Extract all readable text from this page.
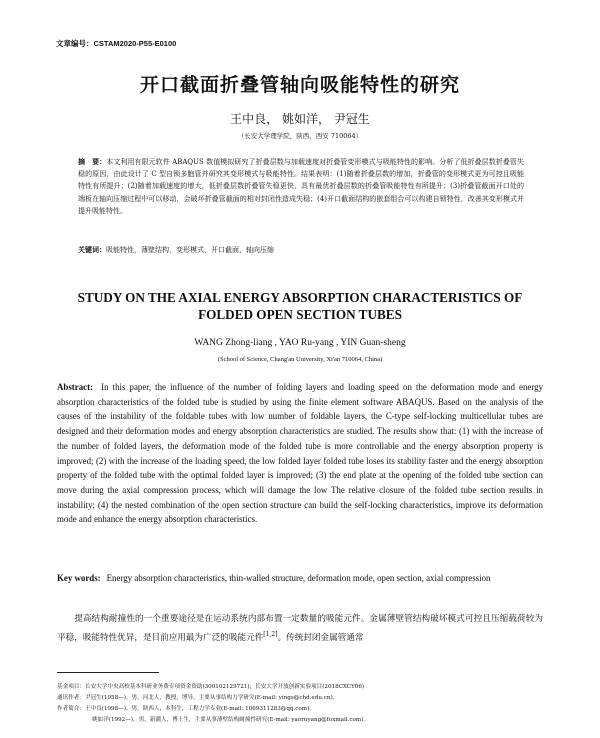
文章编号：CSTAM2020-P55-E0100
开口截面折叠管轴向吸能特性的研究
王中良， 姚如洋， 尹冠生
（长安大学理学院，陕西，西安 710064）
摘　要：本文利用有限元软件 ABAQUS 数值模拟研究了折叠层数与加载速度对折叠管变形模式与吸能特性的影响。分析了低折叠层数折叠管失稳的原因，由此设计了 C 型自锁多胞管并研究其变形模式与吸能特性。结果表明：(1)随着折叠层数的增加，折叠管的变形模式更为可控且吸能特性有所提升；(2)随着加载速度的增大，低折叠层数折叠管失稳更快，具有最优折叠层数的折叠管吸能特性有所提升；(3)折叠管截面开口处的端板在轴向压缩过程中可以移动，会破坏折叠管截面的相对封闭性造成失稳；(4)开口截面结构的嵌套组合可以构建自锁特性，改善其变形模式并提升吸能特性。
关键词：吸能特性，薄壁结构，变形模式，开口截面，轴向压缩
STUDY ON THE AXIAL ENERGY ABSORPTION CHARACTERISTICS OF
FOLDED OPEN SECTION TUBES
WANG Zhong-liang , YAO Ru-yang , YIN Guan-sheng
(School of Science, Chang'an University, Xi'an 710064, China)
Abstract: In this paper, the influence of the number of folding layers and loading speed on the deformation mode and energy absorption characteristics of the folded tube is studied by using the finite element software ABAQUS. Based on the analysis of the causes of the instability of the foldable tubes with low number of foldable layers, the C-type self-locking multicellular tubes are designed and their deformation modes and energy absorption characteristics are studied. The results show that: (1) with the increase of the number of folded layers, the deformation mode of the folded tube is more controllable and the energy absorption property is improved; (2) with the increase of the loading speed, the low folded layer folded tube loses its stability faster and the energy absorption property of the folded tube with the optimal folded layer is improved; (3) the end plate at the opening of the folded tube section can move during the axial compression process, which will damage the low The relative closure of the folded tube section results in instability; (4) the nested combination of the open section structure can build the self-locking characteristics, improve its deformation mode and enhance the energy absorption characteristics.
Key words: Energy absorption characteristics, thin-walled structure, deformation mode, open section, axial compression
提高结构耐撞性的一个重要途径是在运动系统内部布置一定数量的吸能元件。金属薄壁管结构破坏模式可控且压缩载荷较为平稳，吸能特性优异，是目前应用最为广泛的吸能元件[1,2]。传统封闭金属管通常
基金项目：长安大学中央高校基本科研业务费专项资金资助(300102129721)；长安大学开放创新实验项目(2018CXCY06)
通讯作者：尹冠生(1958—)，男，河北人，教授，博导，主要从事结构力学研究(E-mail: yings@chd.edu.cn)。
作者简介：王中良(1998—)，男，陕西人，本科生，工程力学专业(E-mail: 1069311283@qq.com)。
姚如洋(1992—)，男，新疆人，博士生，主要从事薄壁结构耐撞性研究(E-mail: yaoruyang@foxmail.com)。
